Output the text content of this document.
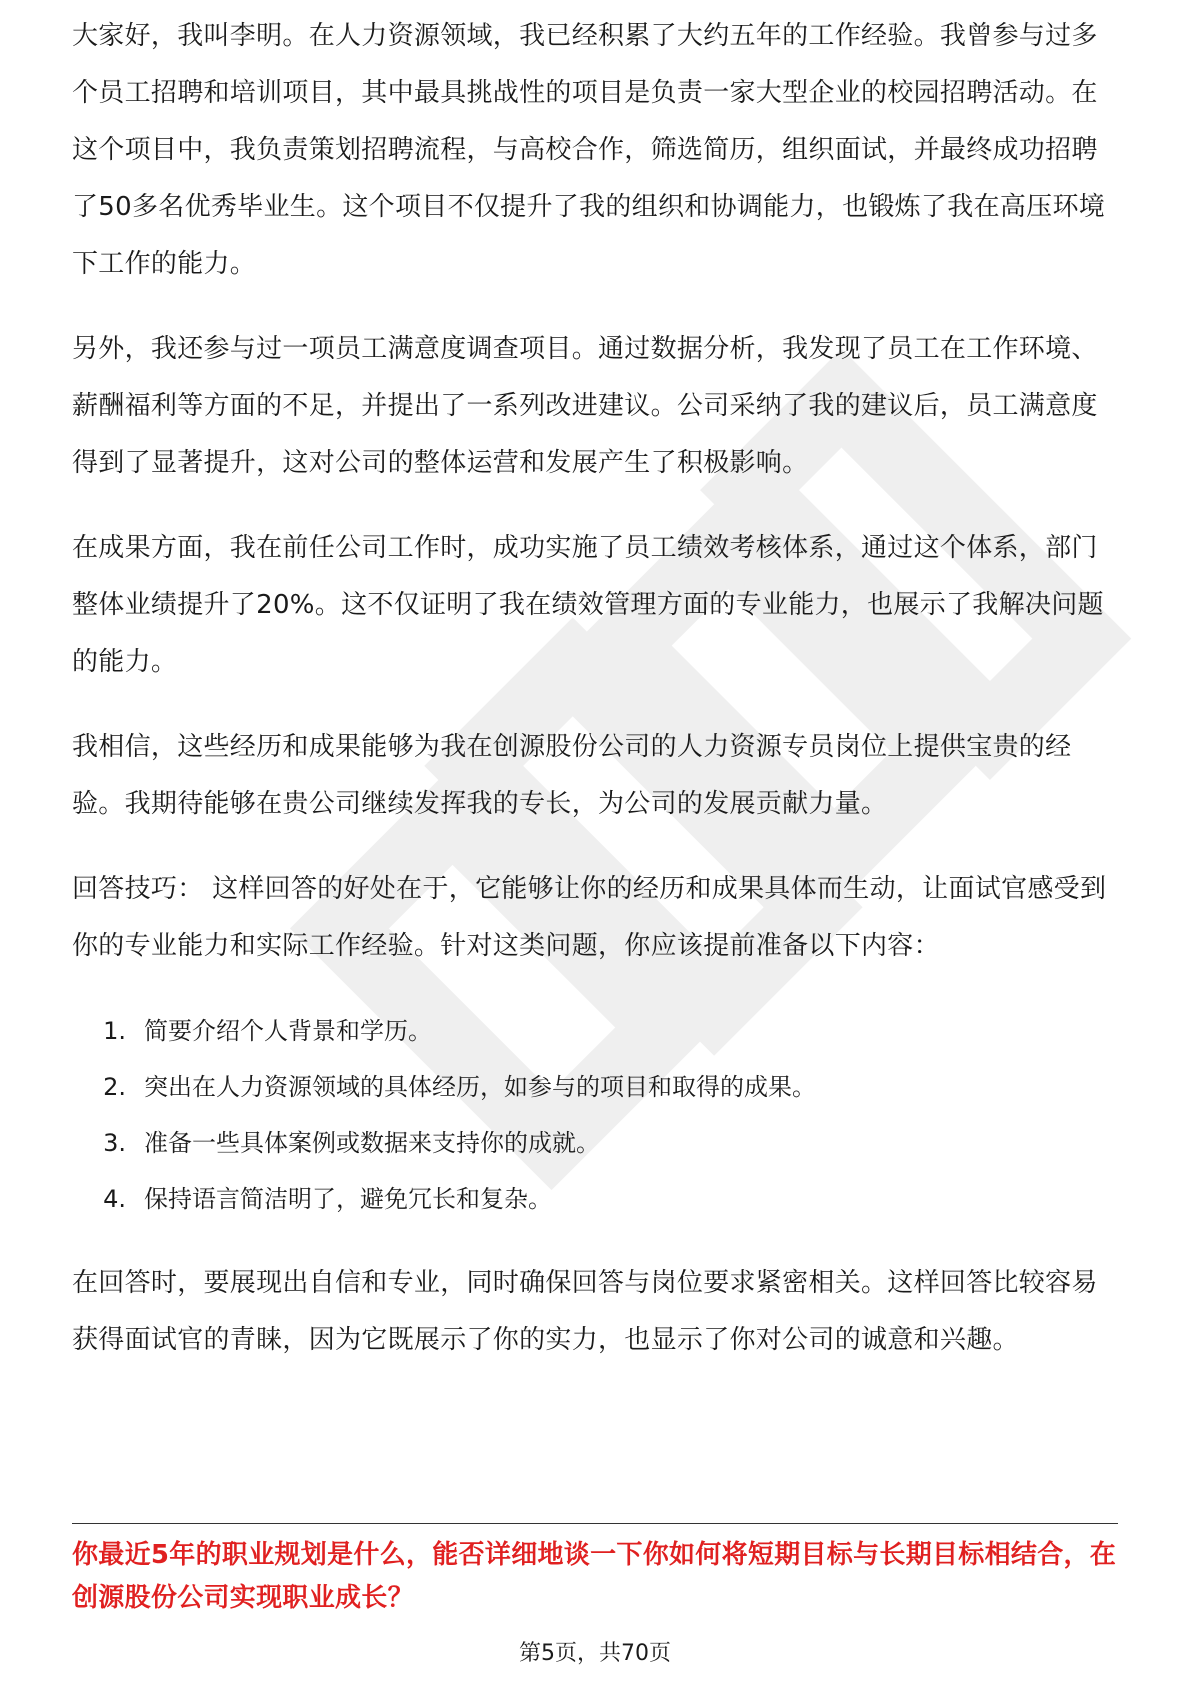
大家好，我叫李明。在人力资源领域，我已经积累了大约五年的工作经验。我曾参与过多个员工招聘和培训项目，其中最具挑战性的项目是负责一家大型企业的校园招聘活动。在这个项目中，我负责策划招聘流程，与高校合作，筛选简历，组织面试，并最终成功招聘了50多名优秀毕业生。这个项目不仅提升了我的组织和协调能力，也锻炼了我在高压环境下工作的能力。

另外，我还参与过一项员工满意度调查项目。通过数据分析，我发现了员工在工作环境、薪酬福利等方面的不足，并提出了一系列改进建议。公司采纳了我的建议后，员工满意度得到了显著提升，这对公司的整体运营和发展产生了积极影响。

在成果方面，我在前任公司工作时，成功实施了员工绩效考核体系，通过这个体系，部门整体业绩提升了20%。这不仅证明了我在绩效管理方面的专业能力，也展示了我解决问题的能力。

我相信，这些经历和成果能够为我在创源股份公司的人力资源专员岗位上提供宝贵的经验。我期待能够在贵公司继续发挥我的专长，为公司的发展贡献力量。

回答技巧： 这样回答的好处在于，它能够让你的经历和成果具体而生动，让面试官感受到你的专业能力和实际工作经验。针对这类问题，你应该提前准备以下内容：

1. 简要介绍个人背景和学历。
2. 突出在人力资源领域的具体经历，如参与的项目和取得的成果。
3. 准备一些具体案例或数据来支持你的成就。
4. 保持语言简洁明了，避免冗长和复杂。

在回答时，要展现出自信和专业，同时确保回答与岗位要求紧密相关。这样回答比较容易获得面试官的青睐，因为它既展示了你的实力，也显示了你对公司的诚意和兴趣。

你最近5年的职业规划是什么，能否详细地谈一下你如何将短期目标与长期目标相结合，在创源股份公司实现职业成长？
第5页，共70页
